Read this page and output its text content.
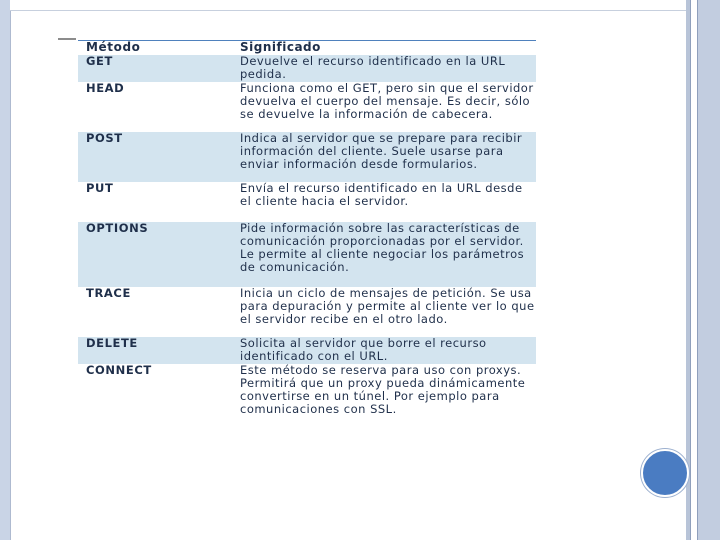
Método	Significado
GET	Devuelve el recurso identificado en la URL pedida.
HEAD	Funciona como el GET, pero sin que el servidor devuelva el cuerpo del mensaje. Es decir, sólo se devuelve la información de cabecera.
POST	Indica al servidor que se prepare para recibir información del cliente. Suele usarse para enviar información desde formularios.
PUT	Envía el recurso identificado en la URL desde el cliente hacia el servidor.
OPTIONS	Pide información sobre las características de comunicación proporcionadas por el servidor. Le permite al cliente negociar los parámetros de comunicación.
TRACE	Inicia un ciclo de mensajes de petición. Se usa para depuración y permite al cliente ver lo que el servidor recibe en el otro lado.
DELETE	Solicita al servidor que borre el recurso identificado con el URL.
CONNECT	Este método se reserva para uso con proxys. Permitirá que un proxy pueda dinámicamente convertirse en un túnel. Por ejemplo para comunicaciones con SSL.
